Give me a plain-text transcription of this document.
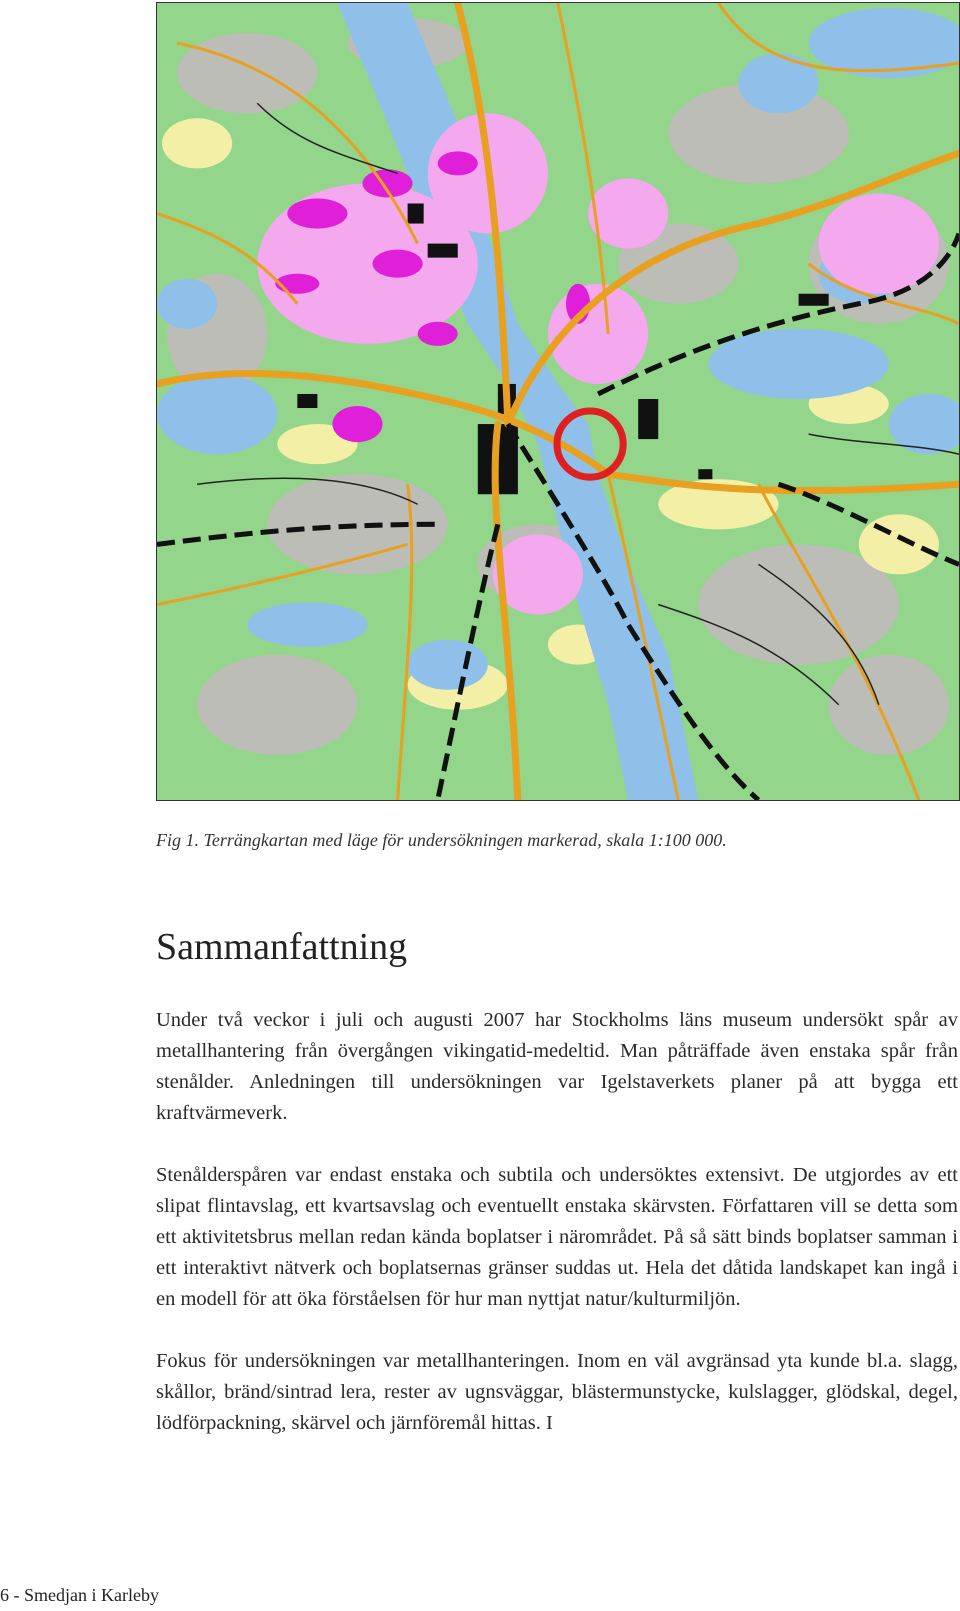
Fig 1. Terrängkartan med läge för undersökningen markerad, skala 1:100 000.
Sammanfattning

Under två veckor i juli och augusti 2007 har Stockholms läns museum undersökt spår av metallhantering från övergången vikingatid-medeltid. Man påträffade även enstaka spår från stenålder. Anledningen till undersökningen var Igelstaverkets planer på att bygga ett kraftvärmeverk.

Stenålderspåren var endast enstaka och subtila och undersöktes extensivt. De utgjordes av ett slipat flintavslag, ett kvartsavslag och eventuellt enstaka skärvsten. Författaren vill se detta som ett aktivitetsbrus mellan redan kända boplatser i närområdet. På så sätt binds boplatser samman i ett interaktivt nätverk och boplatsernas gränser suddas ut. Hela det dåtida landskapet kan ingå i en modell för att öka förståelsen för hur man nyttjat natur/kulturmiljön.

Fokus för undersökningen var metallhanteringen. Inom en väl avgränsad yta kunde bl.a. slagg, skållor, bränd/sintrad lera, rester av ugnsväggar, blästermunstycke, kulslagger, glödskal, degel, lödförpackning, skärvel och järnföremål hittas. I

6 - Smedjan i Karleby
